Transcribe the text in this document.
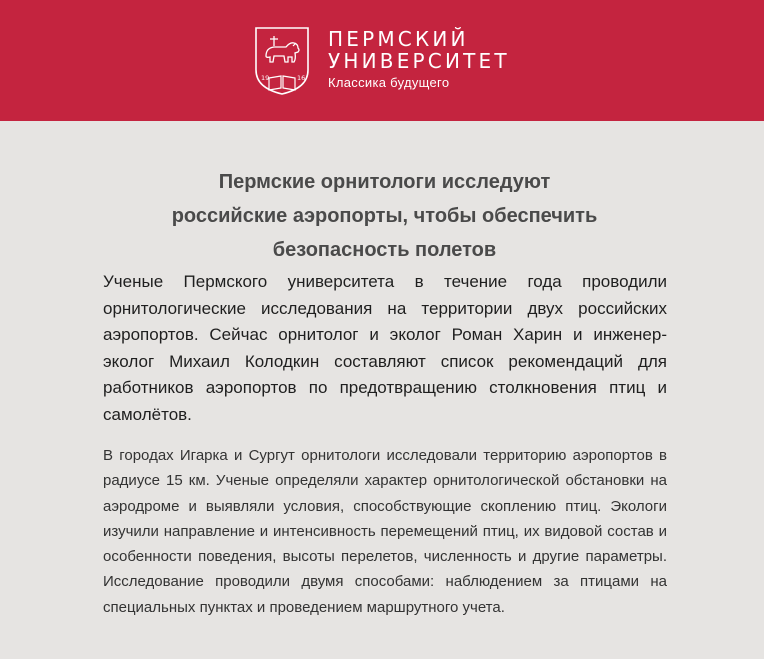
19	16
ПЕРМСКИЙ
УНИВЕРСИТЕТ
Классика будущего
Пермские орнитологи исследуют
российские аэропорты, чтобы обеспечить
безопасность полетов

Ученые Пермского университета в течение года проводили орнитологические исследования на территории двух российских аэропортов. Сейчас орнитолог и эколог Роман Харин и инженер-эколог Михаил Колодкин составляют список рекомендаций для работников аэропортов по предотвращению столкновения птиц и самолётов.

В городах Игарка и Сургут орнитологи исследовали территорию аэропортов в радиусе 15 км. Ученые определяли характер орнитологической обстановки на аэродроме и выявляли условия, способствующие скоплению птиц. Экологи изучили направление и интенсивность перемещений птиц, их видовой состав и особенности поведения, высоты перелетов, численность и другие параметры. Исследование проводили двумя способами: наблюдением за птицами на специальных пунктах и проведением маршрутного учета.
